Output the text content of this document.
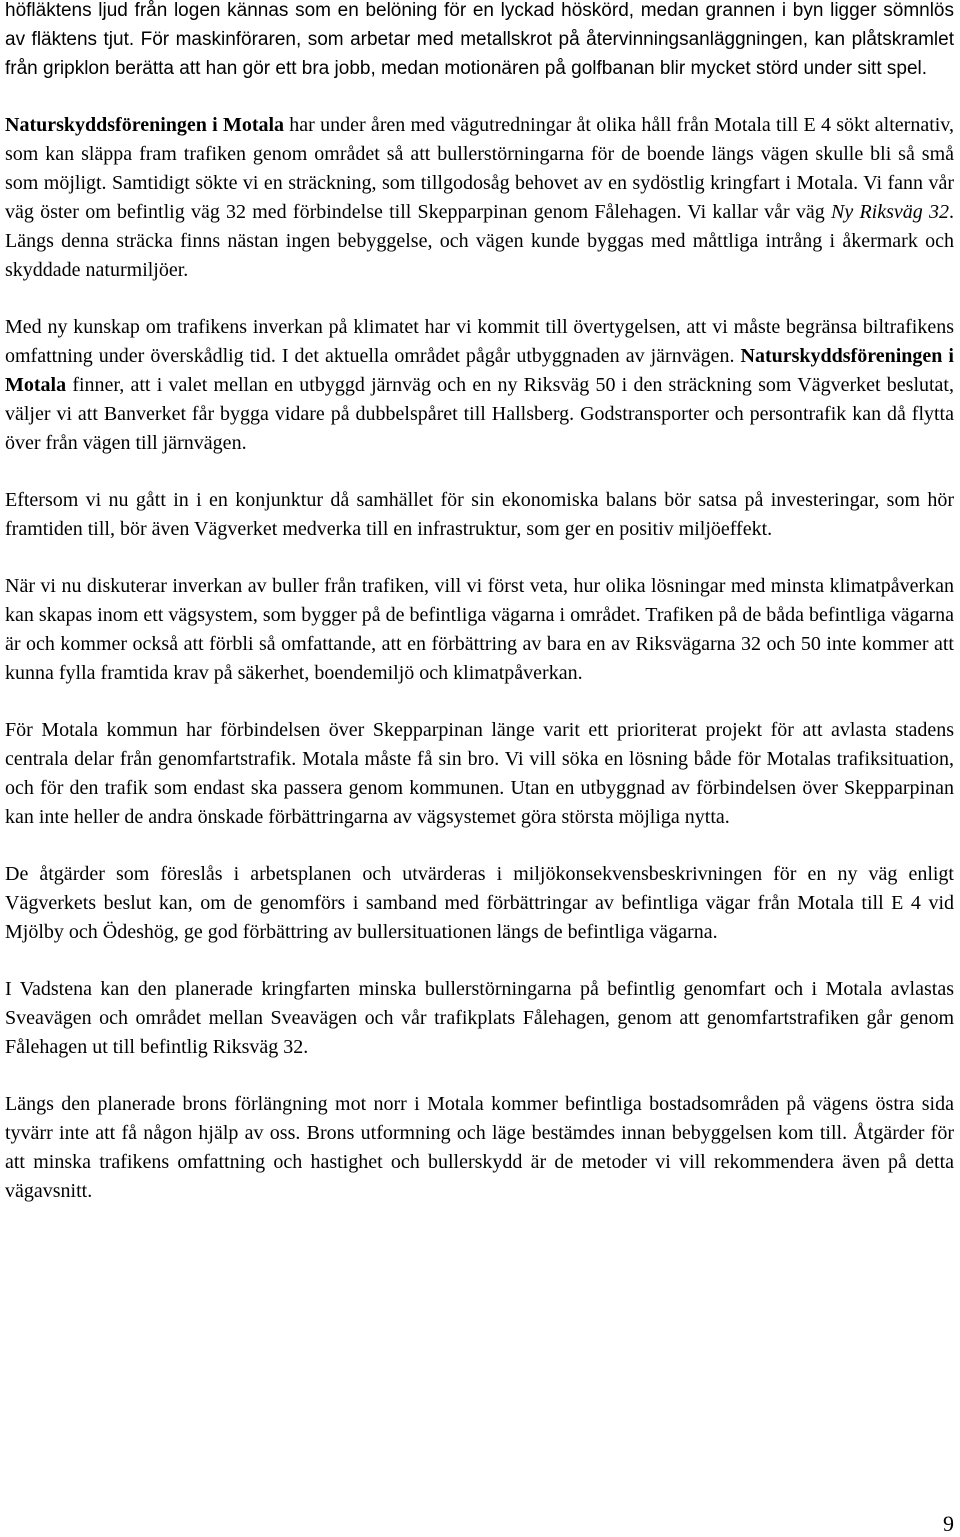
höfläktens ljud från logen kännas som en belöning för en lyckad höskörd, medan grannen i byn ligger sömnlös av fläktens tjut. För maskinföraren, som arbetar med metallskrot på återvinningsanläggningen, kan plåtskramlet från gripklon berätta att han gör ett bra jobb, medan motionären på golfbanan blir mycket störd under sitt spel.

Naturskyddsföreningen i Motala har under åren med vägutredningar åt olika håll från Motala till E 4 sökt alternativ, som kan släppa fram trafiken genom området så att bullerstörningarna för de boende längs vägen skulle bli så små som möjligt. Samtidigt sökte vi en sträckning, som tillgodosåg behovet av en sydöstlig kringfart i Motala. Vi fann vår väg öster om befintlig väg 32 med förbindelse till Skepparpinan genom Fålehagen. Vi kallar vår väg Ny Riksväg 32. Längs denna sträcka finns nästan ingen bebyggelse, och vägen kunde byggas med måttliga intrång i åkermark och skyddade naturmiljöer.

Med ny kunskap om trafikens inverkan på klimatet har vi kommit till övertygelsen, att vi måste begränsa biltrafikens omfattning under överskådlig tid. I det aktuella området pågår utbyggnaden av järnvägen. Naturskyddsföreningen i Motala finner, att i valet mellan en utbyggd järnväg och en ny Riksväg 50 i den sträckning som Vägverket beslutat, väljer vi att Banverket får bygga vidare på dubbelspåret till Hallsberg. Godstransporter och persontrafik kan då flytta över från vägen till järnvägen.

Eftersom vi nu gått in i en konjunktur då samhället för sin ekonomiska balans bör satsa på investeringar, som hör framtiden till, bör även Vägverket medverka till en infrastruktur, som ger en positiv miljöeffekt.

När vi nu diskuterar inverkan av buller från trafiken, vill vi först veta, hur olika lösningar med minsta klimatpåverkan kan skapas inom ett vägsystem, som bygger på de befintliga vägarna i området. Trafiken på de båda befintliga vägarna är och kommer också att förbli så omfattande, att en förbättring av bara en av Riksvägarna 32 och 50 inte kommer att kunna fylla framtida krav på säkerhet, boendemiljö och klimatpåverkan.

För Motala kommun har förbindelsen över Skepparpinan länge varit ett prioriterat projekt för att avlasta stadens centrala delar från genomfartstrafik. Motala måste få sin bro. Vi vill söka en lösning både för Motalas trafiksituation, och för den trafik som endast ska passera genom kommunen. Utan en utbyggnad av förbindelsen över Skepparpinan kan inte heller de andra önskade förbättringarna av vägsystemet göra största möjliga nytta.

De åtgärder som föreslås i arbetsplanen och utvärderas i miljökonsekvensbeskrivningen för en ny väg enligt Vägverkets beslut kan, om de genomförs i samband med förbättringar av befintliga vägar från Motala till E 4 vid Mjölby och Ödeshög, ge god förbättring av bullersituationen längs de befintliga vägarna.

I Vadstena kan den planerade kringfarten minska bullerstörningarna på befintlig genomfart och i Motala avlastas Sveavägen och området mellan Sveavägen och vår trafikplats Fålehagen, genom att genomfartstrafiken går genom Fålehagen ut till befintlig Riksväg 32.

Längs den planerade brons förlängning mot norr i Motala kommer befintliga bostadsområden på vägens östra sida tyvärr inte att få någon hjälp av oss. Brons utformning och läge bestämdes innan bebyggelsen kom till. Åtgärder för att minska trafikens omfattning och hastighet och bullerskydd är de metoder vi vill rekommendera även på detta vägavsnitt.

9
